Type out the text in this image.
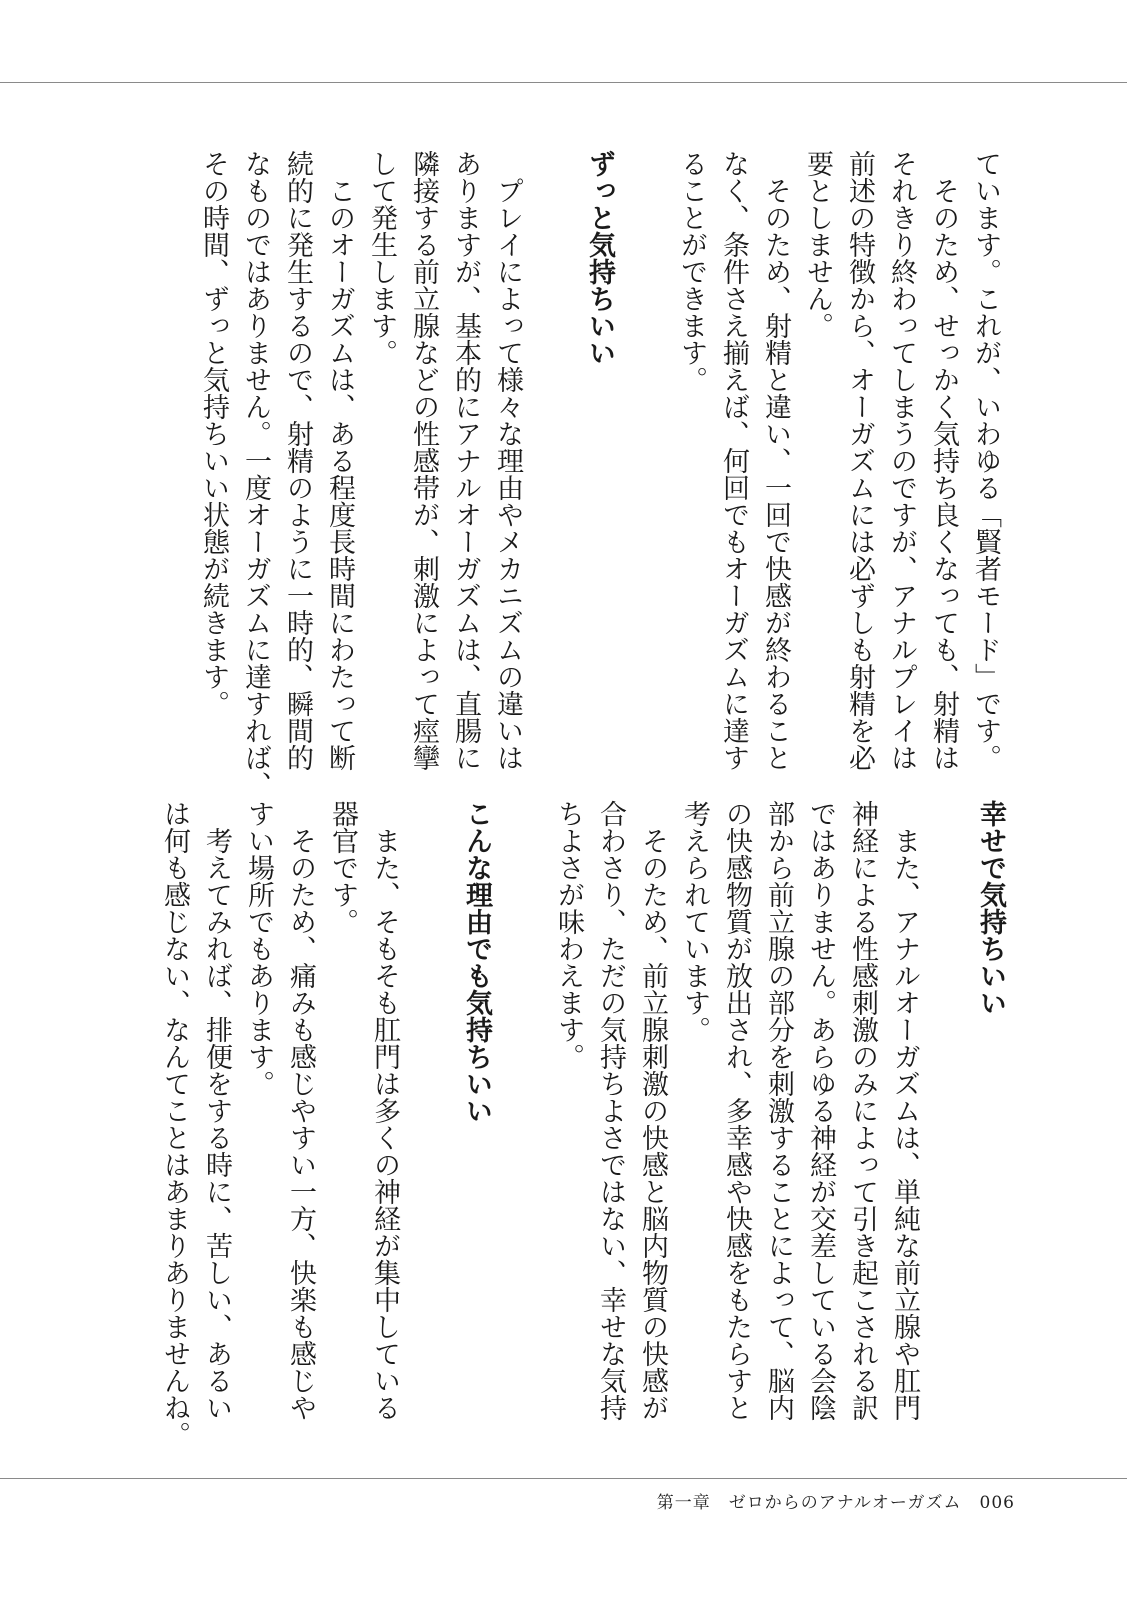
ています。これが、いわゆる「賢者モード」です。
そのため、せっかく気持ち良くなっても、射精は
それきり終わってしまうのですが、アナルプレイは
前述の特徴から、オーガズムには必ずしも射精を必
要としません。
そのため、射精と違い、一回で快感が終わること
なく、条件さえ揃えば、何回でもオーガズムに達す
ることができます。
ずっと気持ちいい
プレイによって様々な理由やメカニズムの違いは
ありますが、基本的にアナルオーガズムは、直腸に
隣接する前立腺などの性感帯が、刺激によって痙攣
して発生します。
このオーガズムは、ある程度長時間にわたって断
続的に発生するので、射精のように一時的、瞬間的
なものではありません。一度オーガズムに達すれば、
その時間、ずっと気持ちいい状態が続きます。
幸せで気持ちいい
また、アナルオーガズムは、単純な前立腺や肛門
神経による性感刺激のみによって引き起こされる訳
ではありません。あらゆる神経が交差している会陰
部から前立腺の部分を刺激することによって、脳内
の快感物質が放出され、多幸感や快感をもたらすと
考えられています。
そのため、前立腺刺激の快感と脳内物質の快感が
合わさり、ただの気持ちよさではない、幸せな気持
ちよさが味わえます。
こんな理由でも気持ちいい
また、そもそも肛門は多くの神経が集中している
器官です。
そのため、痛みも感じやすい一方、快楽も感じや
すい場所でもあります。
考えてみれば、排便をする時に、苦しい、あるい
は何も感じない、なんてことはあまりありませんね。
第一章　ゼロからのアナルオーガズム 006
